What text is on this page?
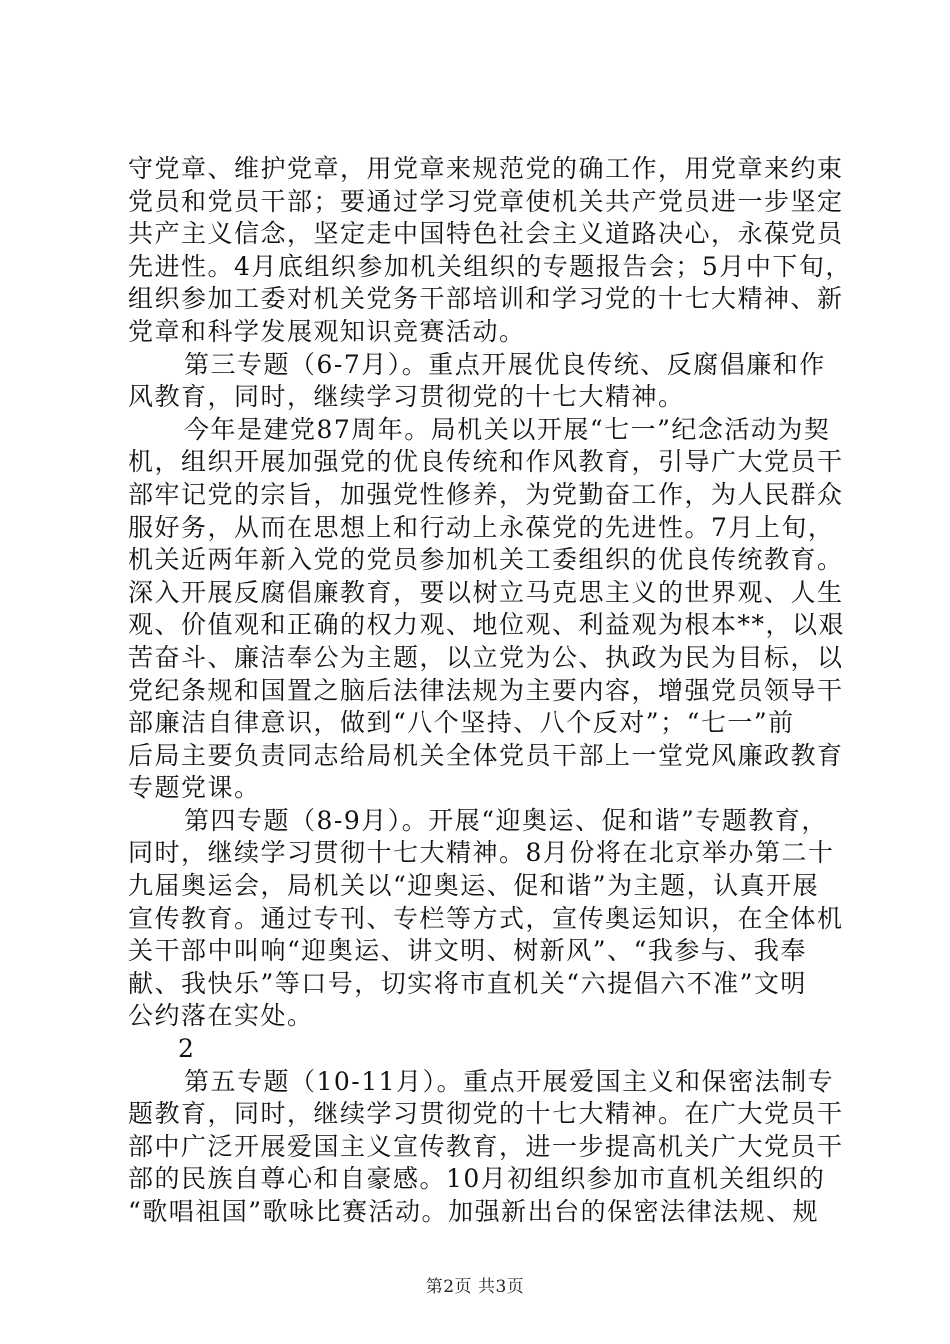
守党章、维护党章，用党章来规范党的确工作，用党章来约束
党员和党员干部；要通过学习党章使机关共产党员进一步坚定
共产主义信念，坚定走中国特色社会主义道路决心，永葆党员
先进性。4月底组织参加机关组织的专题报告会；5月中下旬，
组织参加工委对机关党务干部培训和学习党的十七大精神、新
党章和科学发展观知识竞赛活动。
第三专题（6-7月）。重点开展优良传统、反腐倡廉和作
风教育，同时，继续学习贯彻党的十七大精神。
今年是建党87周年。局机关以开展“七一”纪念活动为契
机，组织开展加强党的优良传统和作风教育，引导广大党员干
部牢记党的宗旨，加强党性修养，为党勤奋工作，为人民群众
服好务，从而在思想上和行动上永葆党的先进性。7月上旬，
机关近两年新入党的党员参加机关工委组织的优良传统教育。
深入开展反腐倡廉教育，要以树立马克思主义的世界观、人生
观、价值观和正确的权力观、地位观、利益观为根本**，以艰
苦奋斗、廉洁奉公为主题，以立党为公、执政为民为目标，以
党纪条规和国置之脑后法律法规为主要内容，增强党员领导干
部廉洁自律意识，做到“八个坚持、八个反对”；“七一”前
后局主要负责同志给局机关全体党员干部上一堂党风廉政教育
专题党课。
第四专题（8-9月）。开展“迎奥运、促和谐”专题教育，
同时，继续学习贯彻十七大精神。8月份将在北京举办第二十
九届奥运会，局机关以“迎奥运、促和谐”为主题，认真开展
宣传教育。通过专刊、专栏等方式，宣传奥运知识，在全体机
关干部中叫响“迎奥运、讲文明、树新风”、“我参与、我奉
献、我快乐”等口号，切实将市直机关“六提倡六不准”文明
公约落在实处。
2
第五专题（10-11月）。重点开展爱国主义和保密法制专
题教育，同时，继续学习贯彻党的十七大精神。在广大党员干
部中广泛开展爱国主义宣传教育，进一步提高机关广大党员干
部的民族自尊心和自豪感。10月初组织参加市直机关组织的
“歌唱祖国”歌咏比赛活动。加强新出台的保密法律法规、规
第2页 共3页
